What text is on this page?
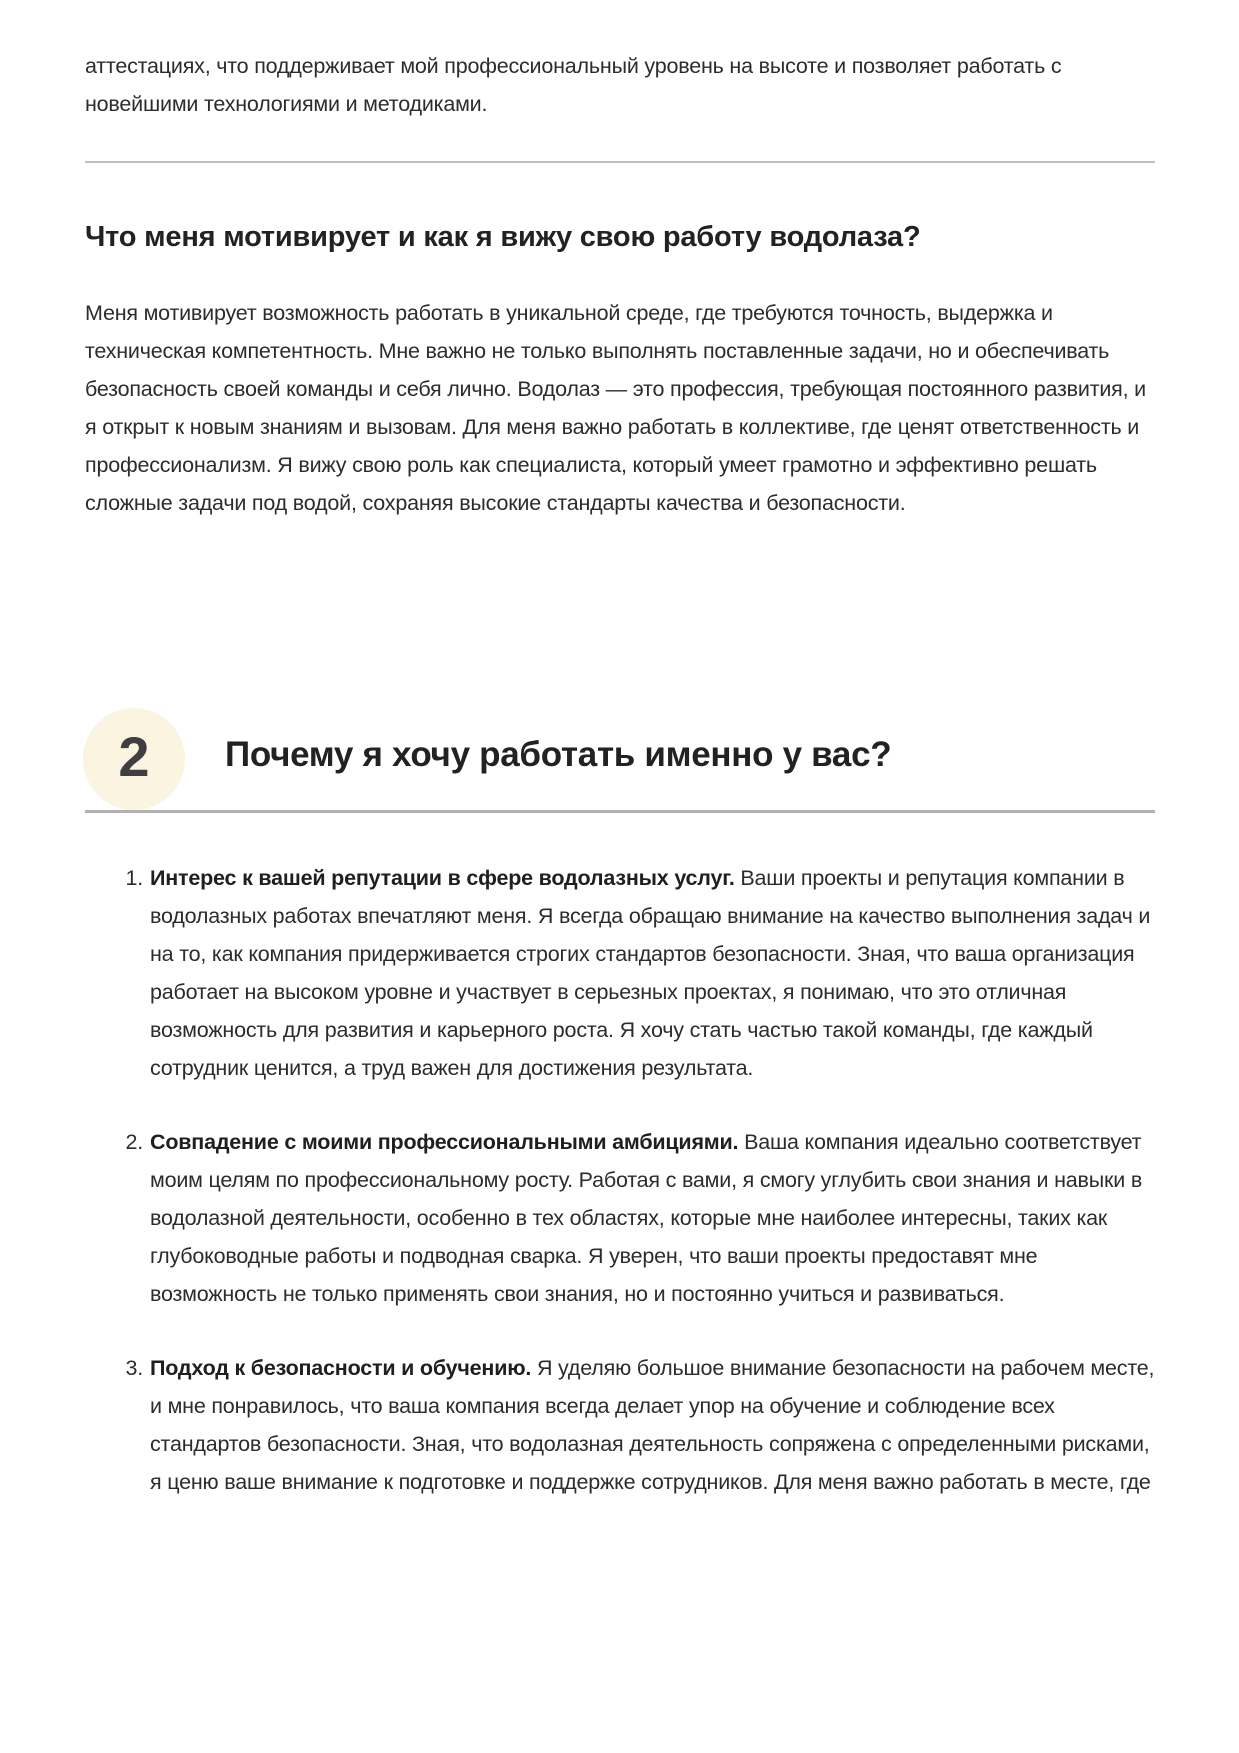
аттестациях, что поддерживает мой профессиональный уровень на высоте и позволяет работать с новейшими технологиями и методиками.

Что меня мотивирует и как я вижу свою работу водолаза?

Меня мотивирует возможность работать в уникальной среде, где требуются точность, выдержка и техническая компетентность. Мне важно не только выполнять поставленные задачи, но и обеспечивать безопасность своей команды и себя лично. Водолаз — это профессия, требующая постоянного развития, и я открыт к новым знаниям и вызовам. Для меня важно работать в коллективе, где ценят ответственность и профессионализм. Я вижу свою роль как специалиста, который умеет грамотно и эффективно решать сложные задачи под водой, сохраняя высокие стандарты качества и безопасности.

2 Почему я хочу работать именно у вас?
1. Интерес к вашей репутации в сфере водолазных услуг. Ваши проекты и репутация компании в водолазных работах впечатляют меня. Я всегда обращаю внимание на качество выполнения задач и на то, как компания придерживается строгих стандартов безопасности. Зная, что ваша организация работает на высоком уровне и участвует в серьезных проектах, я понимаю, что это отличная возможность для развития и карьерного роста. Я хочу стать частью такой команды, где каждый сотрудник ценится, а труд важен для достижения результата.
2. Совпадение с моими профессиональными амбициями. Ваша компания идеально соответствует моим целям по профессиональному росту. Работая с вами, я смогу углубить свои знания и навыки в водолазной деятельности, особенно в тех областях, которые мне наиболее интересны, таких как глубоководные работы и подводная сварка. Я уверен, что ваши проекты предоставят мне возможность не только применять свои знания, но и постоянно учиться и развиваться.
3. Подход к безопасности и обучению. Я уделяю большое внимание безопасности на рабочем месте, и мне понравилось, что ваша компания всегда делает упор на обучение и соблюдение всех стандартов безопасности. Зная, что водолазная деятельность сопряжена с определенными рисками, я ценю ваше внимание к подготовке и поддержке сотрудников. Для меня важно работать в месте, где
